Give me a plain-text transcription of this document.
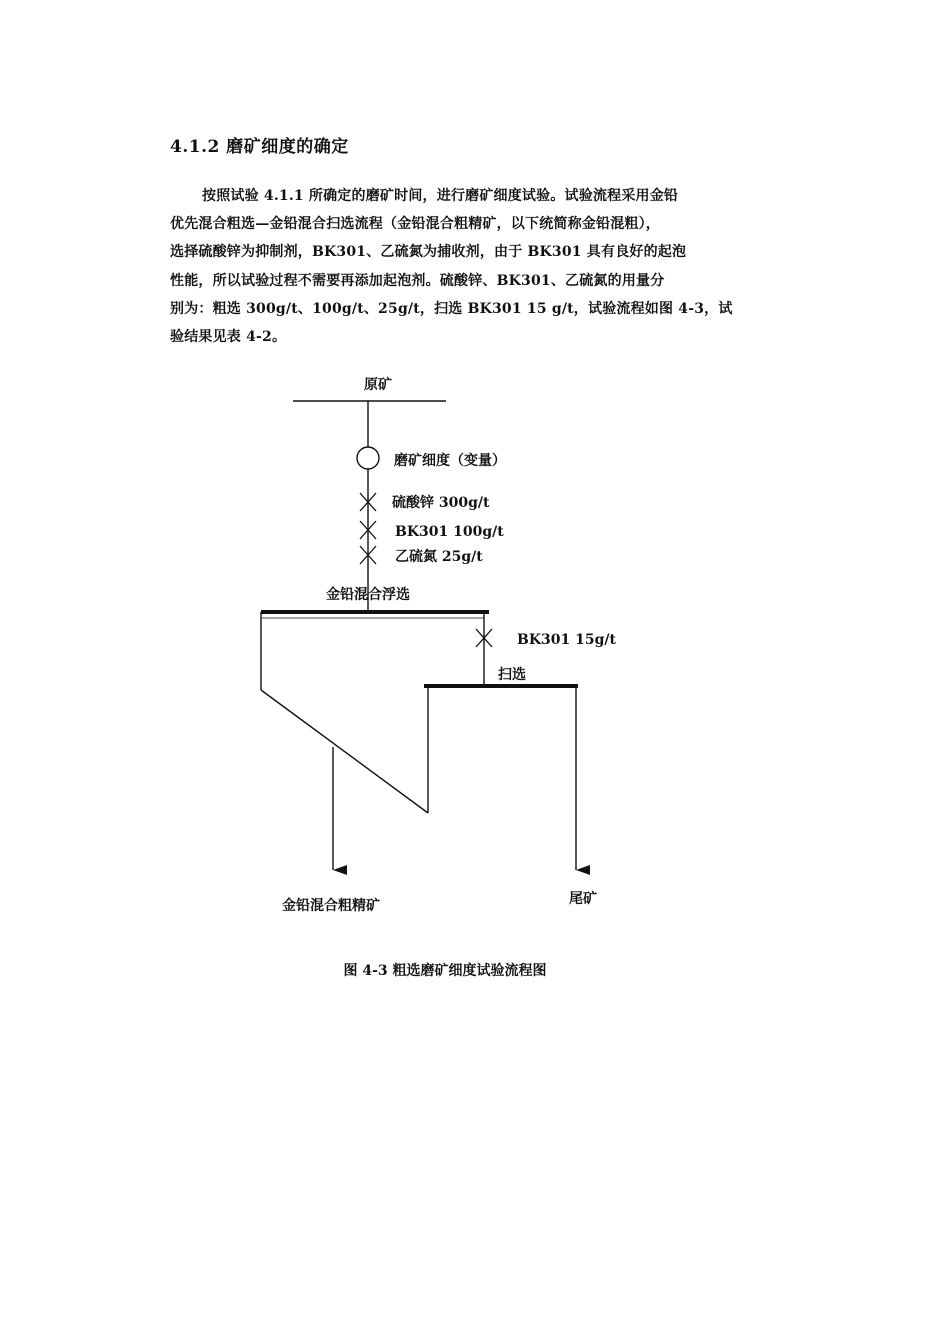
4.1.2 磨矿细度的确定
按照试验 4.1.1 所确定的磨矿时间，进行磨矿细度试验。试验流程采用金铅
优先混合粗选—金铅混合扫选流程（金铅混合粗精矿，以下统简称金铅混粗），
选择硫酸锌为抑制剂，BK301、乙硫氮为捕收剂，由于 BK301 具有良好的起泡
性能，所以试验过程不需要再添加起泡剂。硫酸锌、BK301、乙硫氮的用量分
别为：粗选 300g/t、100g/t、25g/t，扫选 BK301 15 g/t，试验流程如图 4-3，试
验结果见表 4-2。
原矿
磨矿细度（变量）
硫酸锌 300g/t
BK301 100g/t
乙硫氮 25g/t
金铅混合浮选
BK301 15g/t
扫选
金铅混合粗精矿	尾矿

图 4-3 粗选磨矿细度试验流程图
